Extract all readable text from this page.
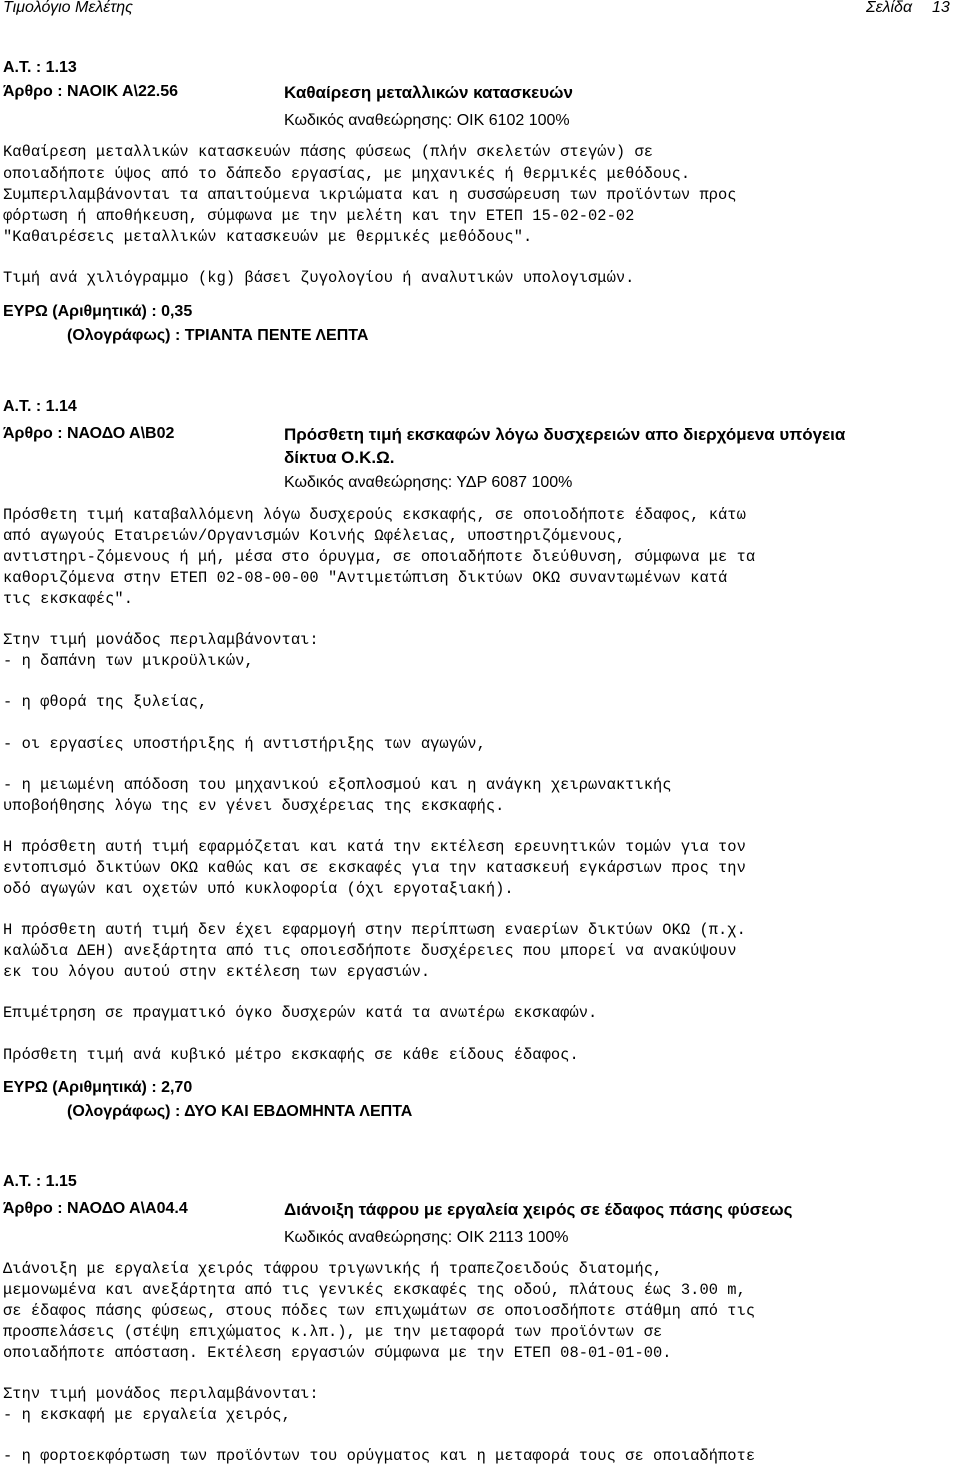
Τιμολόγιο Μελέτης	Σελίδα 13
Α.Τ. : 1.13
Άρθρο : ΝΑΟΙΚ Α\22.56	Καθαίρεση μεταλλικών κατασκευών
Κωδικός αναθεώρησης: ΟΙΚ 6102 100%
Καθαίρεση μεταλλικών κατασκευών πάσης φύσεως (πλήν σκελετών στεγών) σε
οποιαδήποτε ύψος από το δάπεδο εργασίας, με μηχανικές ή θερμικές μεθόδους.
Συμπεριλαμβάνονται τα απαιτούμενα ικριώματα και η συσσώρευση των προϊόντων προς
φόρτωση ή αποθήκευση, σύμφωνα με την μελέτη και την ΕΤΕΠ 15-02-02-02
"Καθαιρέσεις μεταλλικών κατασκευών με θερμικές μεθόδους".
Τιμή ανά χιλιόγραμμο (kg) βάσει ζυγολογίου ή αναλυτικών υπολογισμών.
ΕΥΡΩ (Αριθμητικά) : 0,35
(Ολογράφως) : ΤΡΙΑΝΤΑ ΠΕΝΤΕ ΛΕΠΤΑ
Α.Τ. : 1.14
Άρθρο : ΝΑΟΔΟ Α\Β02	Πρόσθετη τιμή εκσκαφών λόγω δυσχερειών απο διερχόμενα υπόγεια
δίκτυα Ο.Κ.Ω.
Κωδικός αναθεώρησης: ΥΔΡ 6087 100%
Πρόσθετη τιμή καταβαλλόμενη λόγω δυσχερούς εκσκαφής, σε οποιοδήποτε έδαφος, κάτω
από αγωγούς Εταιρειών/Οργανισμών Κοινής Ωφέλειας, υποστηριζόμενους,
αντιστηρι-ζόμενους ή μή, μέσα στο όρυγμα, σε οποιαδήποτε διεύθυνση, σύμφωνα με τα
καθοριζόμενα στην ΕΤΕΠ 02-08-00-00 "Αντιμετώπιση δικτύων ΟΚΩ συναντωμένων κατά
τις εκσκαφές".
Στην τιμή μονάδος περιλαμβάνονται:
- η δαπάνη των μικροϋλικών,
- η φθορά της ξυλείας,
- οι εργασίες υποστήριξης ή αντιστήριξης των αγωγών,
- η μειωμένη απόδοση του μηχανικού εξοπλοσμού και η ανάγκη χειρωνακτικής
υποβοήθησης λόγω της εν γένει δυσχέρειας της εκσκαφής.
Η πρόσθετη αυτή τιμή εφαρμόζεται και κατά την εκτέλεση ερευνητικών τομών για τον
εντοπισμό δικτύων ΟΚΩ καθώς και σε εκσκαφές για την κατασκευή εγκάρσιων προς την
οδό αγωγών και οχετών υπό κυκλοφορία (όχι εργοταξιακή).
Η πρόσθετη αυτή τιμή δεν έχει εφαρμογή στην περίπτωση εναερίων δικτύων ΟΚΩ (π.χ.
καλώδια ΔΕΗ) ανεξάρτητα από τις οποιεσδήποτε δυσχέρειες που μπορεί να ανακύψουν
εκ του λόγου αυτού στην εκτέλεση των εργασιών.
Επιμέτρηση σε πραγματικό όγκο δυσχερών κατά τα ανωτέρω εκσκαφών.
Πρόσθετη τιμή ανά κυβικό μέτρο εκσκαφής σε κάθε είδους έδαφος.
ΕΥΡΩ (Αριθμητικά) : 2,70
(Ολογράφως) : ΔΥΟ ΚΑΙ ΕΒΔΟΜΗΝΤΑ ΛΕΠΤΑ
Α.Τ. : 1.15
Άρθρο : ΝΑΟΔΟ Α\Α04.4	Διάνοιξη τάφρου με εργαλεία χειρός σε έδαφος πάσης φύσεως
Κωδικός αναθεώρησης: ΟΙΚ 2113 100%
Διάνοιξη με εργαλεία χειρός τάφρου τριγωνικής ή τραπεζοειδούς διατομής,
μεμονωμένα και ανεξάρτητα από τις γενικές εκσκαφές της οδού, πλάτους έως 3.00 m,
σε έδαφος πάσης φύσεως, στους πόδες των επιχωμάτων σε οποιοσδήποτε στάθμη από τις
προσπελάσεις (στέψη επιχώματος κ.λπ.), με την μεταφορά των προϊόντων σε
οποιαδήποτε απόσταση. Εκτέλεση εργασιών σύμφωνα με την ΕΤΕΠ 08-01-01-00.
Στην τιμή μονάδος περιλαμβάνονται:
- η εκσκαφή με εργαλεία χειρός,
- η φορτοεκφόρτωση των προϊόντων του ορύγματος και η μεταφορά τους σε οποιαδήποτε
